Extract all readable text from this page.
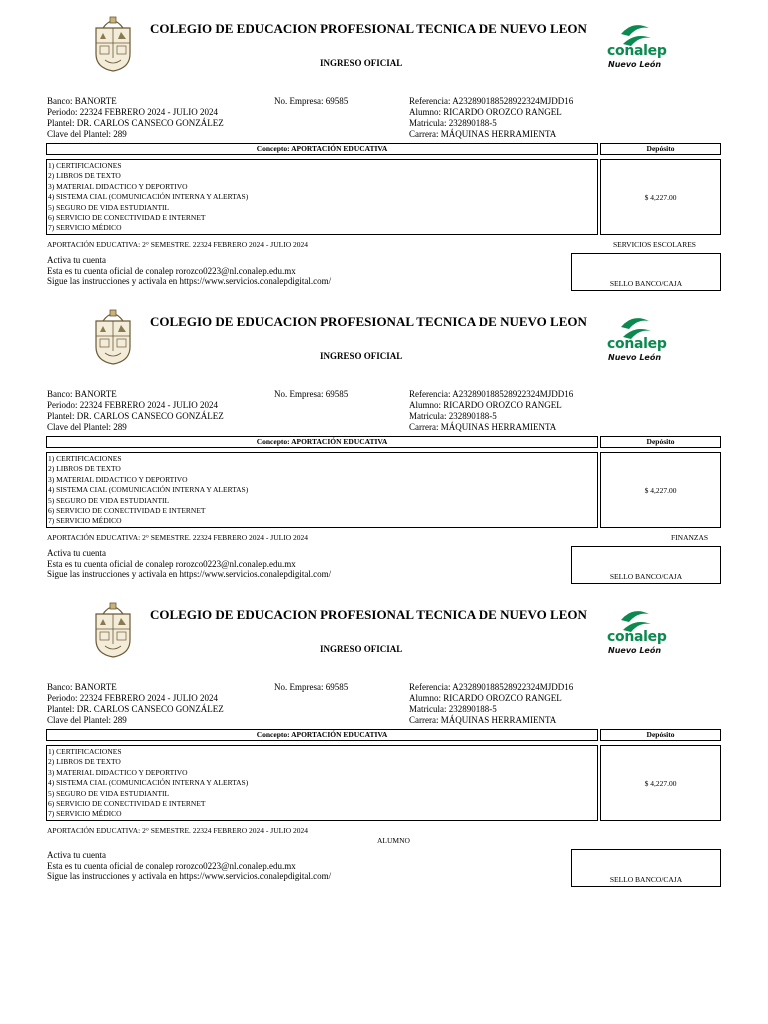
COLEGIO DE EDUCACION PROFESIONAL TECNICA DE NUEVO LEON
INGRESO OFICIAL
conalep
Nuevo León
Banco: BANORTE
Periodo: 22324 FEBRERO 2024 - JULIO 2024
Plantel: DR. CARLOS CANSECO GONZÁLEZ
Clave del Plantel: 289
No. Empresa: 69585	Referencia: A232890188528922324MJDD16
Alumno: RICARDO OROZCO RANGEL
Matricula: 232890188-5
Carrera: MÁQUINAS HERRAMIENTA
Concepto: APORTACIÓN EDUCATIVA	Depósito
1) CERTIFICACIONES
2) LIBROS DE TEXTO
3) MATERIAL DIDACTICO Y DEPORTIVO
4) SISTEMA CIAL (COMUNICACIÓN INTERNA Y ALERTAS)
5) SEGURO DE VIDA ESTUDIANTIL
6) SERVICIO DE CONECTIVIDAD E INTERNET
7) SERVICIO MÉDICO
$ 4,227.00
APORTACIÓN EDUCATIVA: 2° SEMESTRE. 22324 FEBRERO 2024 - JULIO 2024	SERVICIOS ESCOLARES
Activa tu cuenta
Esta es tu cuenta oficial de conalep rorozco0223@nl.conalep.edu.mx
Sigue las instrucciones y activala en https://www.servicios.conalepdigital.com/	SELLO BANCO/CAJA
COLEGIO DE EDUCACION PROFESIONAL TECNICA DE NUEVO LEON
INGRESO OFICIAL
conalep
Nuevo León
Banco: BANORTE
Periodo: 22324 FEBRERO 2024 - JULIO 2024
Plantel: DR. CARLOS CANSECO GONZÁLEZ
Clave del Plantel: 289
No. Empresa: 69585	Referencia: A232890188528922324MJDD16
Alumno: RICARDO OROZCO RANGEL
Matricula: 232890188-5
Carrera: MÁQUINAS HERRAMIENTA
Concepto: APORTACIÓN EDUCATIVA	Depósito
1) CERTIFICACIONES
2) LIBROS DE TEXTO
3) MATERIAL DIDACTICO Y DEPORTIVO
4) SISTEMA CIAL (COMUNICACIÓN INTERNA Y ALERTAS)
5) SEGURO DE VIDA ESTUDIANTIL
6) SERVICIO DE CONECTIVIDAD E INTERNET
7) SERVICIO MÉDICO
$ 4,227.00
APORTACIÓN EDUCATIVA: 2° SEMESTRE. 22324 FEBRERO 2024 - JULIO 2024	FINANZAS
Activa tu cuenta
Esta es tu cuenta oficial de conalep rorozco0223@nl.conalep.edu.mx
Sigue las instrucciones y activala en https://www.servicios.conalepdigital.com/	SELLO BANCO/CAJA
COLEGIO DE EDUCACION PROFESIONAL TECNICA DE NUEVO LEON
INGRESO OFICIAL
conalep
Nuevo León
Banco: BANORTE
Periodo: 22324 FEBRERO 2024 - JULIO 2024
Plantel: DR. CARLOS CANSECO GONZÁLEZ
Clave del Plantel: 289
No. Empresa: 69585	Referencia: A232890188528922324MJDD16
Alumno: RICARDO OROZCO RANGEL
Matricula: 232890188-5
Carrera: MÁQUINAS HERRAMIENTA
Concepto: APORTACIÓN EDUCATIVA	Depósito
1) CERTIFICACIONES
2) LIBROS DE TEXTO
3) MATERIAL DIDACTICO Y DEPORTIVO
4) SISTEMA CIAL (COMUNICACIÓN INTERNA Y ALERTAS)
5) SEGURO DE VIDA ESTUDIANTIL
6) SERVICIO DE CONECTIVIDAD E INTERNET
7) SERVICIO MÉDICO
$ 4,227.00
APORTACIÓN EDUCATIVA: 2° SEMESTRE. 22324 FEBRERO 2024 - JULIO 2024
ALUMNO
Activa tu cuenta
Esta es tu cuenta oficial de conalep rorozco0223@nl.conalep.edu.mx
Sigue las instrucciones y activala en https://www.servicios.conalepdigital.com/	SELLO BANCO/CAJA
